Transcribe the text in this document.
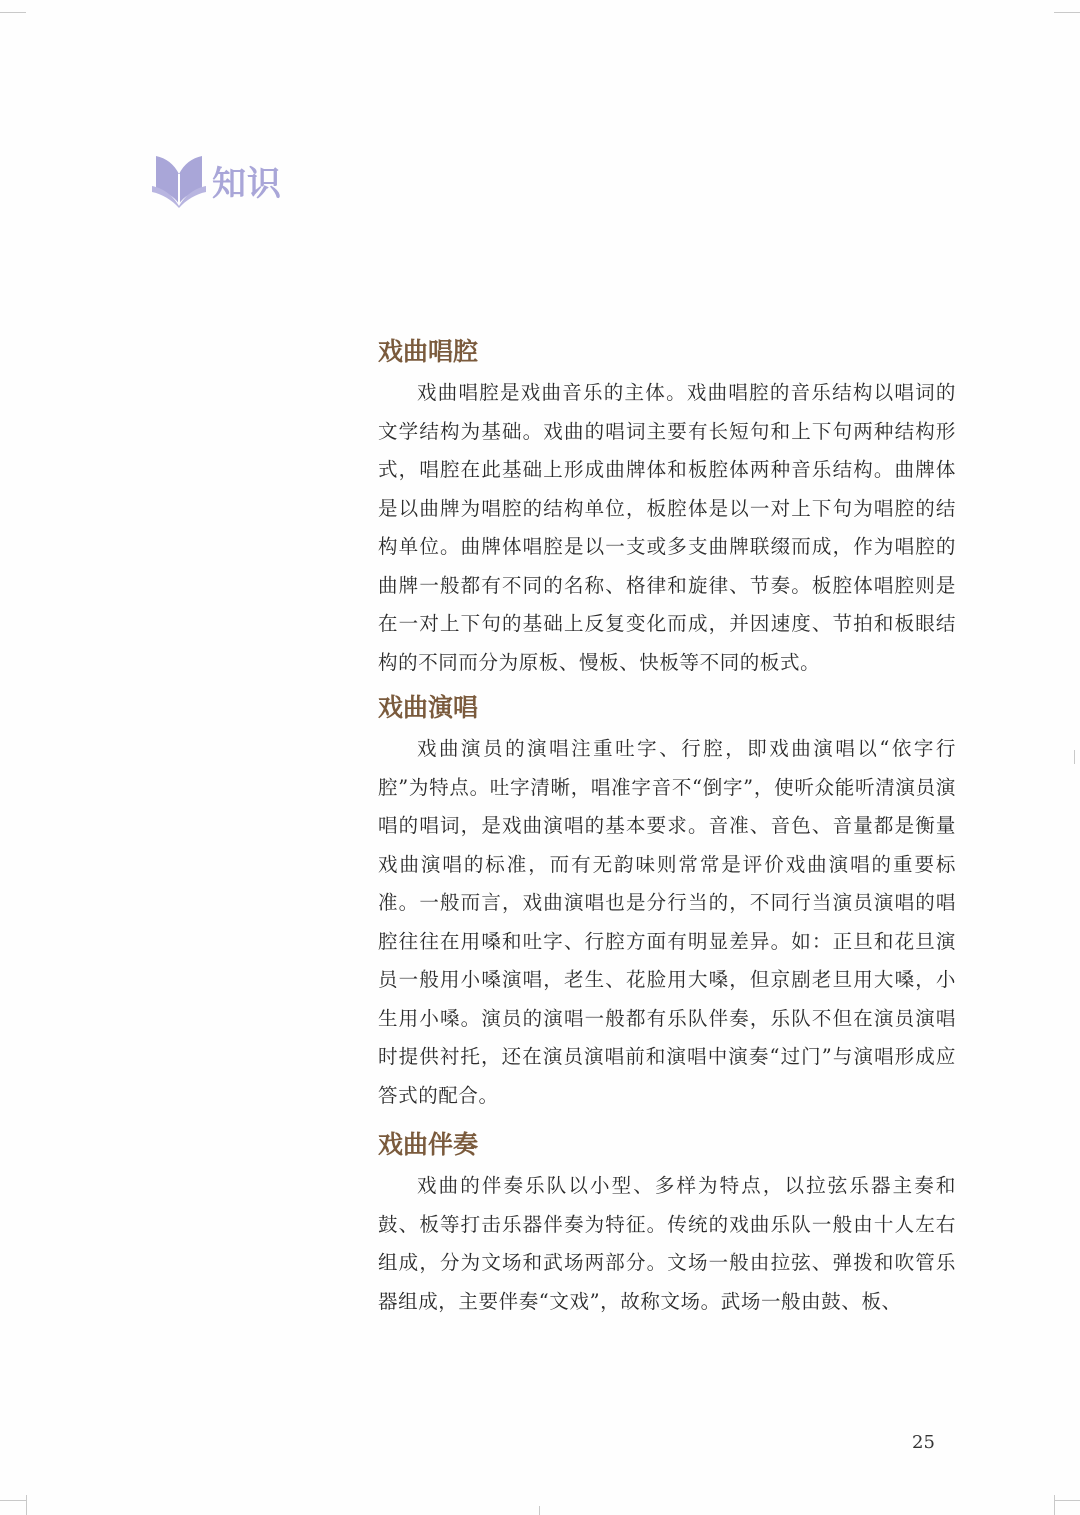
知识
戏曲唱腔

戏曲唱腔是戏曲音乐的主体。戏曲唱腔的音乐结构以唱词的文学结构为基础。戏曲的唱词主要有长短句和上下句两种结构形式，唱腔在此基础上形成曲牌体和板腔体两种音乐结构。曲牌体是以曲牌为唱腔的结构单位，板腔体是以一对上下句为唱腔的结构单位。曲牌体唱腔是以一支或多支曲牌联缀而成，作为唱腔的曲牌一般都有不同的名称、格律和旋律、节奏。板腔体唱腔则是在一对上下句的基础上反复变化而成，并因速度、节拍和板眼结构的不同而分为原板、慢板、快板等不同的板式。

戏曲演唱

戏曲演员的演唱注重吐字、行腔，即戏曲演唱以“依字行腔”为特点。吐字清晰，唱准字音不“倒字”，使听众能听清演员演唱的唱词，是戏曲演唱的基本要求。音准、音色、音量都是衡量戏曲演唱的标准，而有无韵味则常常是评价戏曲演唱的重要标准。一般而言，戏曲演唱也是分行当的，不同行当演员演唱的唱腔往往在用嗓和吐字、行腔方面有明显差异。如：正旦和花旦演员一般用小嗓演唱，老生、花脸用大嗓，但京剧老旦用大嗓，小生用小嗓。演员的演唱一般都有乐队伴奏，乐队不但在演员演唱时提供衬托，还在演员演唱前和演唱中演奏“过门”与演唱形成应答式的配合。

戏曲伴奏

戏曲的伴奏乐队以小型、多样为特点，以拉弦乐器主奏和鼓、板等打击乐器伴奏为特征。传统的戏曲乐队一般由十人左右组成，分为文场和武场两部分。文场一般由拉弦、弹拨和吹管乐器组成，主要伴奏“文戏”，故称文场。武场一般由鼓、板、

25
